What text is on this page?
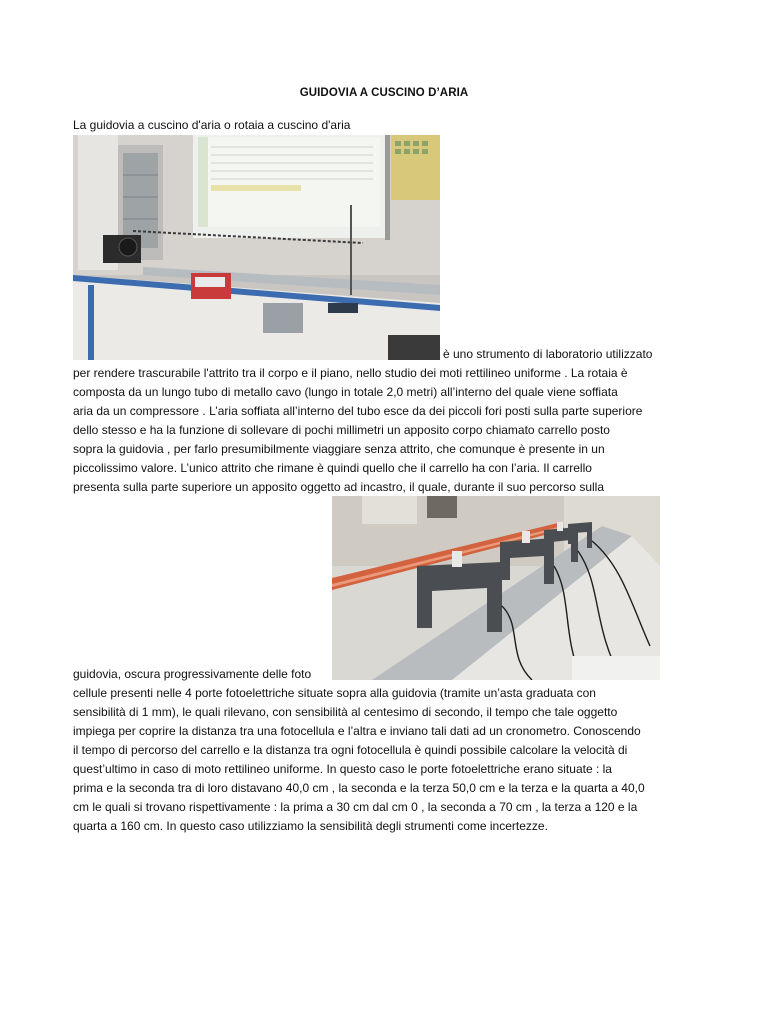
GUIDOVIA A CUSCINO D’ARIA
La guidovia a cuscino d'aria o rotaia a cuscino d'aria
è uno strumento di laboratorio utilizzato
per rendere trascurabile l'attrito tra il corpo e il piano, nello studio dei moti rettilineo uniforme . La rotaia è
composta da un lungo tubo di metallo cavo (lungo in totale 2,0 metri) all’interno del quale viene soffiata
aria da un compressore . L’aria soffiata all’interno del tubo esce da dei piccoli fori posti sulla parte superiore
dello stesso e ha la funzione di sollevare di pochi millimetri un apposito corpo chiamato carrello posto
sopra la guidovia , per farlo presumibilmente viaggiare senza attrito, che comunque è presente in un
piccolissimo valore. L’unico attrito che rimane è quindi quello che il carrello ha con l’aria. Il carrello
presenta sulla parte superiore un apposito oggetto ad incastro, il quale, durante il suo percorso sulla
guidovia, oscura progressivamente delle foto
cellule presenti nelle 4 porte fotoelettriche situate sopra alla guidovia (tramite un’asta graduata con
sensibilità di 1 mm), le quali rilevano, con sensibilità al centesimo di secondo, il tempo che tale oggetto
impiega per coprire la distanza tra una fotocellula e l’altra e inviano tali dati ad un cronometro. Conoscendo
il tempo di percorso del carrello e la distanza tra ogni fotocellula è quindi possibile calcolare la velocità di
quest’ultimo in caso di moto rettilineo uniforme. In questo caso le porte fotoelettriche erano situate : la
prima e la seconda tra di loro distavano 40,0 cm , la seconda e la terza 50,0 cm e la terza e la quarta a 40,0
cm le quali si trovano rispettivamente : la prima a 30 cm dal cm 0 , la seconda a 70 cm , la terza a 120 e la
quarta a 160 cm. In questo caso utilizziamo la sensibilità degli strumenti come incertezze.
